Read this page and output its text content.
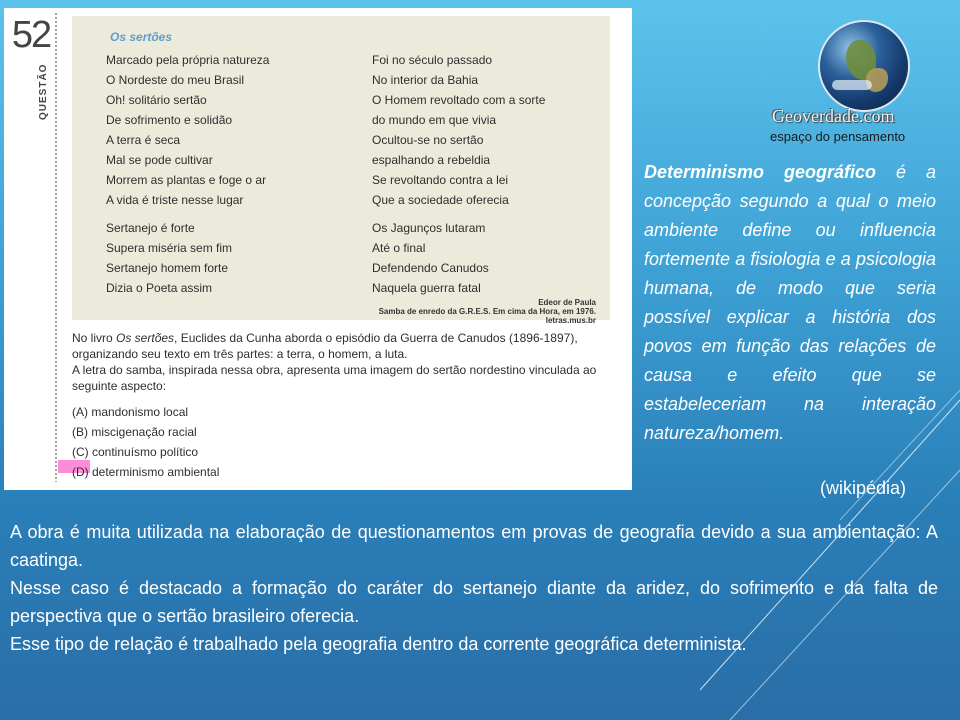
52
QUESTÃO
Os sertões
Marcado pela própria natureza
O Nordeste do meu Brasil
Oh! solitário sertão
De sofrimento e solidão
A terra é seca
Mal se pode cultivar
Morrem as plantas e foge o ar
A vida é triste nesse lugar
Sertanejo é forte
Supera miséria sem fim
Sertanejo homem forte
Dizia o Poeta assim
Foi no século passado
No interior da Bahia
O Homem revoltado com a sorte
do mundo em que vivia
Ocultou-se no sertão
espalhando a rebeldia
Se revoltando contra a lei
Que a sociedade oferecia
Os Jagunços lutaram
Até o final
Defendendo Canudos
Naquela guerra fatal
Edeor de Paula
Samba de enredo da G.R.E.S. Em cima da Hora, em 1976.
letras.mus.br

No livro Os sertões, Euclides da Cunha aborda o episódio da Guerra de Canudos (1896-1897), organizando seu texto em três partes: a terra, o homem, a luta.

A letra do samba, inspirada nessa obra, apresenta uma imagem do sertão nordestino vinculada ao seguinte aspecto:

(A) mandonismo local
(B) miscigenação racial
(C) continuísmo político
(D) determinismo ambiental
Geoverdade.com
espaço do pensamento
Determinismo geográfico é a concepção segundo a qual o meio ambiente define ou influencia fortemente a fisiologia e a psicologia humana, de modo que seria possível explicar a história dos povos em função das relações de causa e efeito que se estabeleceriam na interação natureza/homem.
(wikipédia)

A obra é muita utilizada na elaboração de questionamentos em provas de geografia devido a sua ambientação: A caatinga.

Nesse caso é destacado a formação do caráter do sertanejo diante da aridez, do sofrimento e da falta de perspectiva que o sertão brasileiro oferecia.

Esse tipo de relação é trabalhado pela geografia dentro da corrente geográfica determinista.
